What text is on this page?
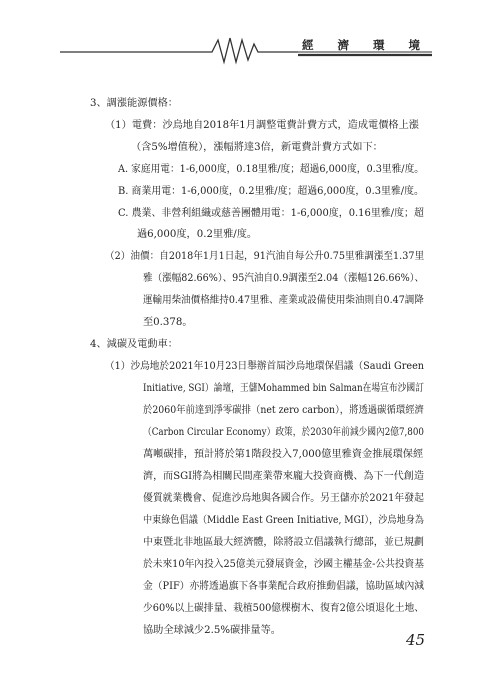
經 濟 環 境
3、調漲能源價格：
（1）電費：沙烏地自2018年1月調整電費計費方式，造成電價格上漲
（含5%增值稅），漲幅將達3倍，新電費計費方式如下：
A. 家庭用電：1-6,000度，0.18里雅/度；超過6,000度，0.3里雅/度。
B. 商業用電：1-6,000度，0.2里雅/度；超過6,000度，0.3里雅/度。
C. 農業、非營利組織或慈善團體用電：1-6,000度，0.16里雅/度；超
過6,000度，0.2里雅/度。
（2）油價：自2018年1月1日起，91汽油自每公升0.75里雅調漲至1.37里
雅（漲幅82.66%）、95汽油自0.9調漲至2.04（漲幅126.66%）、
運輸用柴油價格維持0.47里雅、產業或設備使用柴油則自0.47調降
至0.378。
4、減碳及電動車：
（1）沙烏地於2021年10月23日舉辦首屆沙烏地環保倡議（Saudi Green
Initiative, SGI）論壇，王儲Mohammed bin Salman在場宣布沙國訂
於2060年前達到淨零碳排（net zero carbon），將透過碳循環經濟
（Carbon Circular Economy）政策，於2030年前減少國內2億7,800
萬噸碳排，預計將於第1階段投入7,000億里雅資金推展環保經
濟，而SGI將為相關民間產業帶來龐大投資商機、為下一代創造
優質就業機會、促進沙烏地與各國合作。另王儲亦於2021年發起
中東綠色倡議（Middle East Green Initiative, MGI），沙烏地身為
中東暨北非地區最大經濟體，除將設立倡議執行總部，並已規劃
於未來10年內投入25億美元發展資金，沙國主權基金-公共投資基
金（PIF）亦將透過旗下各事業配合政府推動倡議，協助區域內減
少60%以上碳排量、栽植500億棵樹木、復育2億公頃退化土地、
協助全球減少2.5%碳排量等。
45
